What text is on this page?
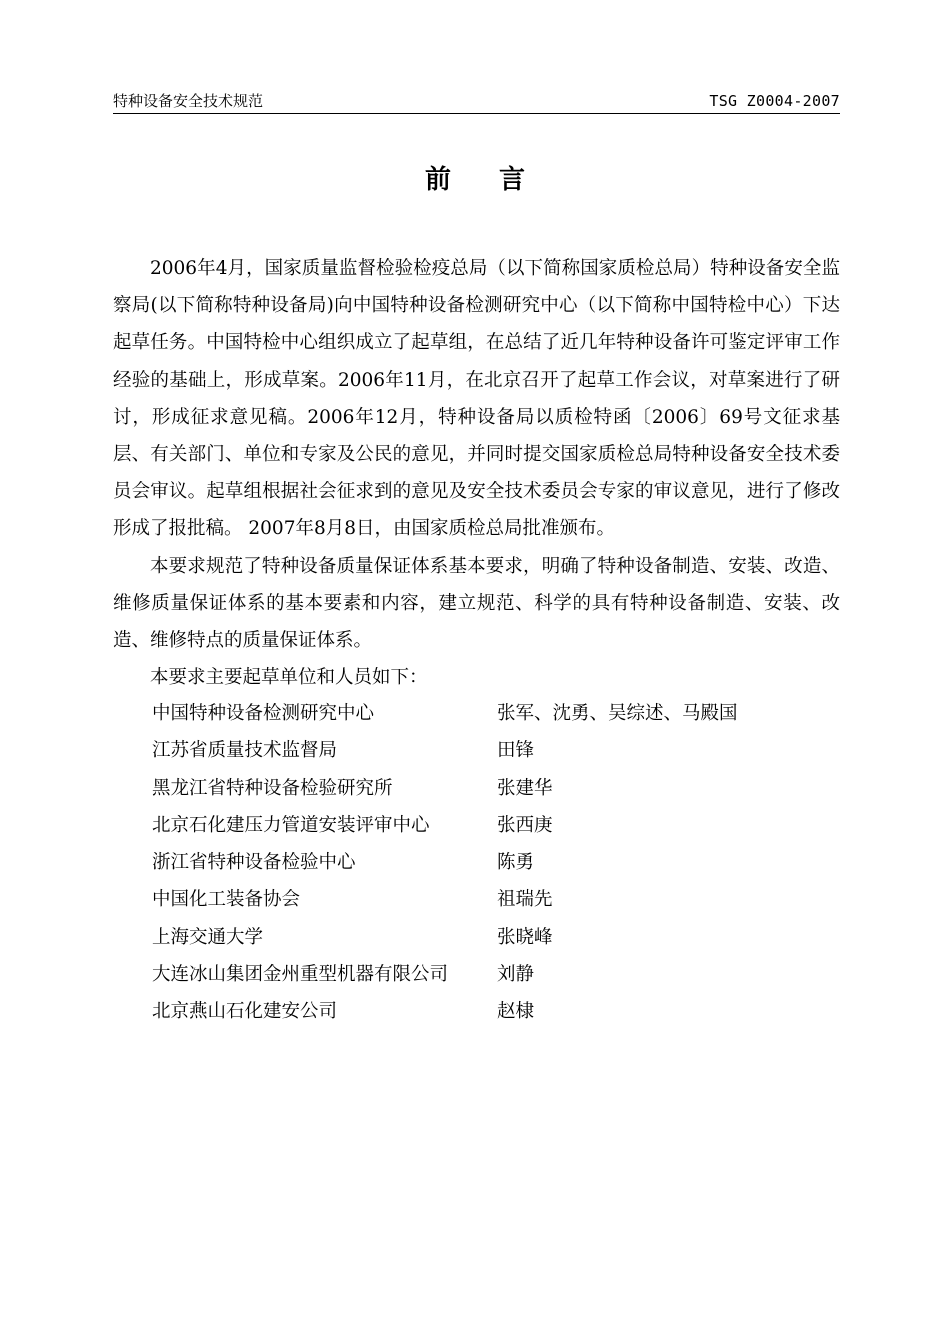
特种设备安全技术规范	TSG Z0004-2007
前言

2006年4月，国家质量监督检验检疫总局（以下简称国家质检总局）特种设备安全监察局(以下简称特种设备局)向中国特种设备检测研究中心（以下简称中国特检中心）下达起草任务。中国特检中心组织成立了起草组，在总结了近几年特种设备许可鉴定评审工作经验的基础上，形成草案。2006年11月，在北京召开了起草工作会议，对草案进行了研讨，形成征求意见稿。2006年12月，特种设备局以质检特函〔2006〕69号文征求基层、有关部门、单位和专家及公民的意见，并同时提交国家质检总局特种设备安全技术委员会审议。起草组根据社会征求到的意见及安全技术委员会专家的审议意见，进行了修改形成了报批稿。 2007年8月8日，由国家质检总局批准颁布。

本要求规范了特种设备质量保证体系基本要求，明确了特种设备制造、安装、改造、维修质量保证体系的基本要素和内容，建立规范、科学的具有特种设备制造、安装、改造、维修特点的质量保证体系。

本要求主要起草单位和人员如下：

中国特种设备检测研究中心	张军、沈勇、吴综述、马殿国
江苏省质量技术监督局	田锋
黑龙江省特种设备检验研究所	张建华
北京石化建压力管道安装评审中心	张西庚
浙江省特种设备检验中心	陈勇
中国化工装备协会	祖瑞先
上海交通大学	张晓峰
大连冰山集团金州重型机器有限公司	刘静
北京燕山石化建安公司	赵棣
